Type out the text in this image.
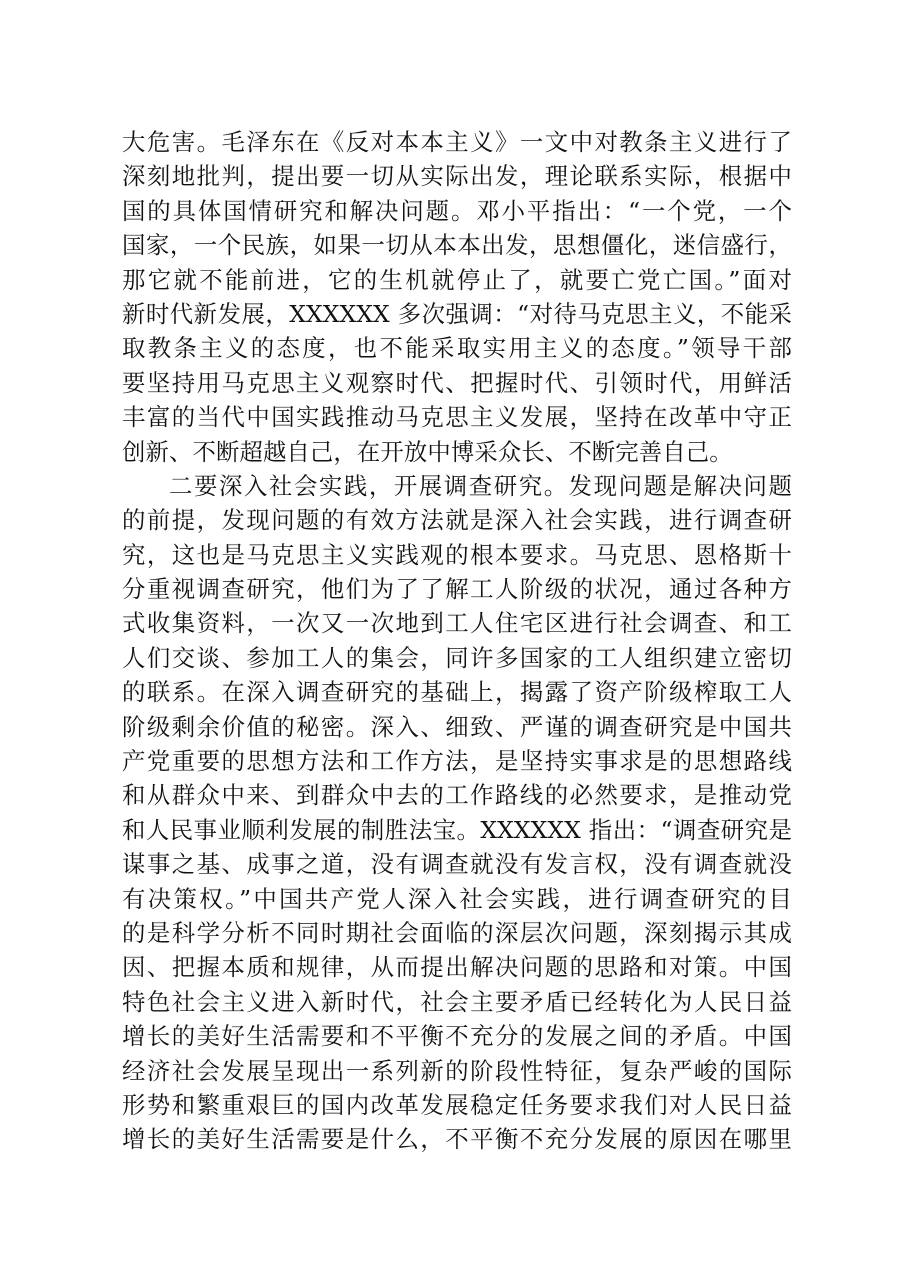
大危害。毛泽东在《反对本本主义》一文中对教条主义进行了
深刻地批判，提出要一切从实际出发，理论联系实际，根据中
国的具体国情研究和解决问题。邓小平指出：“一个党，一个
国家，一个民族，如果一切从本本出发，思想僵化，迷信盛行，
那它就不能前进，它的生机就停止了，就要亡党亡国。”面对
新时代新发展，XXXXXX 多次强调：“对待马克思主义，不能采
取教条主义的态度，也不能采取实用主义的态度。”领导干部
要坚持用马克思主义观察时代、把握时代、引领时代，用鲜活
丰富的当代中国实践推动马克思主义发展，坚持在改革中守正
创新、不断超越自己，在开放中博采众长、不断完善自己。
二要深入社会实践，开展调查研究。发现问题是解决问题
的前提，发现问题的有效方法就是深入社会实践，进行调查研
究，这也是马克思主义实践观的根本要求。马克思、恩格斯十
分重视调查研究，他们为了了解工人阶级的状况，通过各种方
式收集资料，一次又一次地到工人住宅区进行社会调查、和工
人们交谈、参加工人的集会，同许多国家的工人组织建立密切
的联系。在深入调查研究的基础上，揭露了资产阶级榨取工人
阶级剩余价值的秘密。深入、细致、严谨的调查研究是中国共
产党重要的思想方法和工作方法，是坚持实事求是的思想路线
和从群众中来、到群众中去的工作路线的必然要求，是推动党
和人民事业顺利发展的制胜法宝。XXXXXX 指出：“调查研究是
谋事之基、成事之道，没有调查就没有发言权，没有调查就没
有决策权。”中国共产党人深入社会实践，进行调查研究的目
的是科学分析不同时期社会面临的深层次问题，深刻揭示其成
因、把握本质和规律，从而提出解决问题的思路和对策。中国
特色社会主义进入新时代，社会主要矛盾已经转化为人民日益
增长的美好生活需要和不平衡不充分的发展之间的矛盾。中国
经济社会发展呈现出一系列新的阶段性特征，复杂严峻的国际
形势和繁重艰巨的国内改革发展稳定任务要求我们对人民日益
增长的美好生活需要是什么，不平衡不充分发展的原因在哪里
